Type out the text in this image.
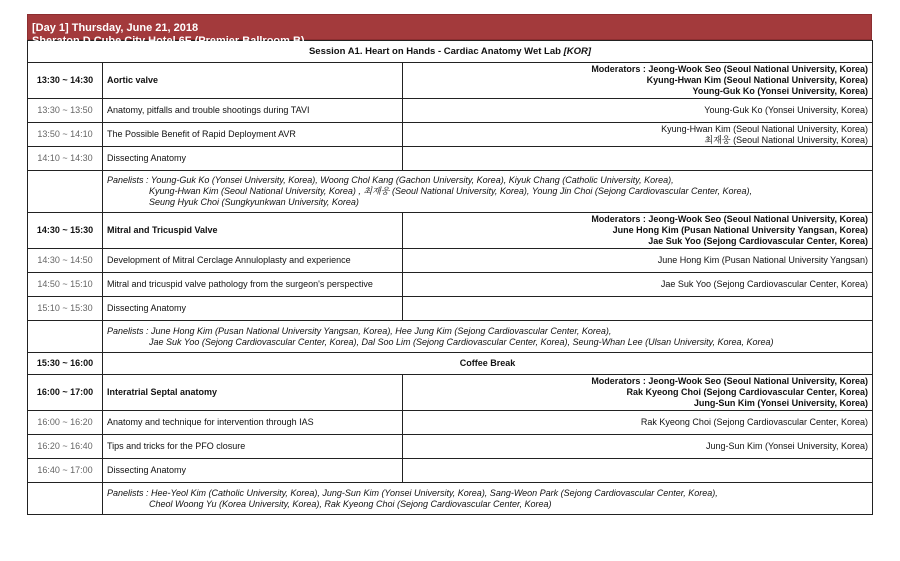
[Day 1] Thursday, June 21, 2018
Sheraton D Cube City Hotel 6F (Premier Ballroom B)
Session A1. Heart on Hands - Cardiac Anatomy Wet Lab [KOR]		
13:30 ~ 14:30	Aortic valve	Moderators : Jeong-Wook Seo (Seoul National University, Korea)
Kyung-Hwan Kim (Seoul National University, Korea)
Young-Guk Ko (Yonsei University, Korea)

13:30 ~ 13:50	Anatomy, pitfalls and trouble shootings during TAVI	Young-Guk Ko (Yonsei University, Korea)
13:50 ~ 14:10	The Possible Benefit of Rapid Deployment AVR	Kyung-Hwan Kim (Seoul National University, Korea)
최재웅 (Seoul National University, Korea)

14:10 ~ 14:30	Dissecting Anatomy	

	Panelists : Young-Guk Ko (Yonsei University, Korea), Woong Chol Kang (Gachon University, Korea), Kiyuk Chang (Catholic University, Korea),
Kyung-Hwan Kim (Seoul National University, Korea) , 최재웅 (Seoul National University, Korea), Young Jin Choi (Sejong Cardiovascular Center, Korea),
Seung Hyuk Choi (Sungkyunkwan University, Korea)	

14:30 ~ 15:30	Mitral and Tricuspid Valve	Moderators : Jeong-Wook Seo (Seoul National University, Korea)
June Hong Kim (Pusan National University Yangsan, Korea)
Jae Suk Yoo (Sejong Cardiovascular Center, Korea)

14:30 ~ 14:50	Development of Mitral Cerclage Annuloplasty and experience	June Hong Kim (Pusan National University Yangsan)
14:50 ~ 15:10	Mitral and tricuspid valve pathology from the surgeon's perspective	Jae Suk Yoo (Sejong Cardiovascular Center, Korea)
15:10 ~ 15:30	Dissecting Anatomy	

	Panelists : June Hong Kim (Pusan National University Yangsan, Korea), Hee Jung Kim (Sejong Cardiovascular Center, Korea),
Jae Suk Yoo (Sejong Cardiovascular Center, Korea), Dal Soo Lim (Sejong Cardiovascular Center, Korea), Seung-Whan Lee (Ulsan University, Korea, Korea)	

15:30 ~ 16:00	Coffee Break	
16:00 ~ 17:00	Interatrial Septal anatomy	Moderators : Jeong-Wook Seo (Seoul National University, Korea)
Rak Kyeong Choi (Sejong Cardiovascular Center, Korea)
Jung-Sun Kim (Yonsei University, Korea)

16:00 ~ 16:20	Anatomy and technique for intervention through IAS	Rak Kyeong Choi (Sejong Cardiovascular Center, Korea)
16:20 ~ 16:40	Tips and tricks for the PFO closure	Jung-Sun Kim (Yonsei University, Korea)
16:40 ~ 17:00	Dissecting Anatomy	

	Panelists : Hee-Yeol Kim (Catholic University, Korea), Jung-Sun Kim (Yonsei University, Korea), Sang-Weon Park (Sejong Cardiovascular Center, Korea),
Cheol Woong Yu (Korea University, Korea), Rak Kyeong Choi (Sejong Cardiovascular Center, Korea)	
